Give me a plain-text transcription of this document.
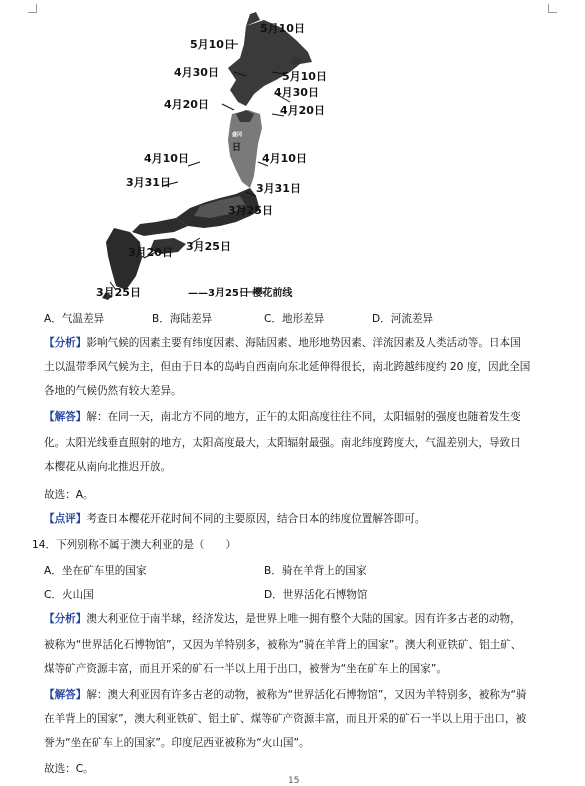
5月10日
5月10日
4月30日	5月10日
4月30日
4月20日	4月20日
盛冈
日
4月10日	4月10日
3月31日	3月31日
3月25日
3月25日
3月20日
3月25日	——3月25日 樱花前线
A．气温差异	B．海陆差异	C．地形差异	D．河流差异
【分析】影响气候的因素主要有纬度因素、海陆因素、地形地势因素、洋流因素及人类活动等。日本国
土以温带季风气候为主，但由于日本的岛屿自西南向东北延伸得很长，南北跨越纬度约 20 度，因此全国
各地的气候仍然有较大差异。
【解答】解：在同一天，南北方不同的地方，正午的太阳高度往往不同，太阳辐射的强度也随着发生变
化。太阳光线垂直照射的地方，太阳高度最大，太阳辐射最强。南北纬度跨度大，气温差别大，导致日
本樱花从南向北推迟开放。
故选：A。
【点评】考查日本樱花开花时间不同的主要原因，结合日本的纬度位置解答即可。
14．下列别称不属于澳大利亚的是（　　）
A．坐在矿车里的国家	B．骑在羊背上的国家
C．火山国	D．世界活化石博物馆
【分析】澳大利亚位于南半球，经济发达，是世界上唯一拥有整个大陆的国家。因有许多古老的动物，
被称为“世界活化石博物馆”，又因为羊特别多，被称为“骑在羊背上的国家”。澳大利亚铁矿、铝土矿、
煤等矿产资源丰富，而且开采的矿石一半以上用于出口，被誉为“坐在矿车上的国家”。
【解答】解：澳大利亚因有许多古老的动物，被称为“世界活化石博物馆”，又因为羊特别多，被称为“骑
在羊背上的国家”，澳大利亚铁矿、铝土矿、煤等矿产资源丰富，而且开采的矿石一半以上用于出口，被
誉为“坐在矿车上的国家”。印度尼西亚被称为“火山国”。
故选：C。
15
